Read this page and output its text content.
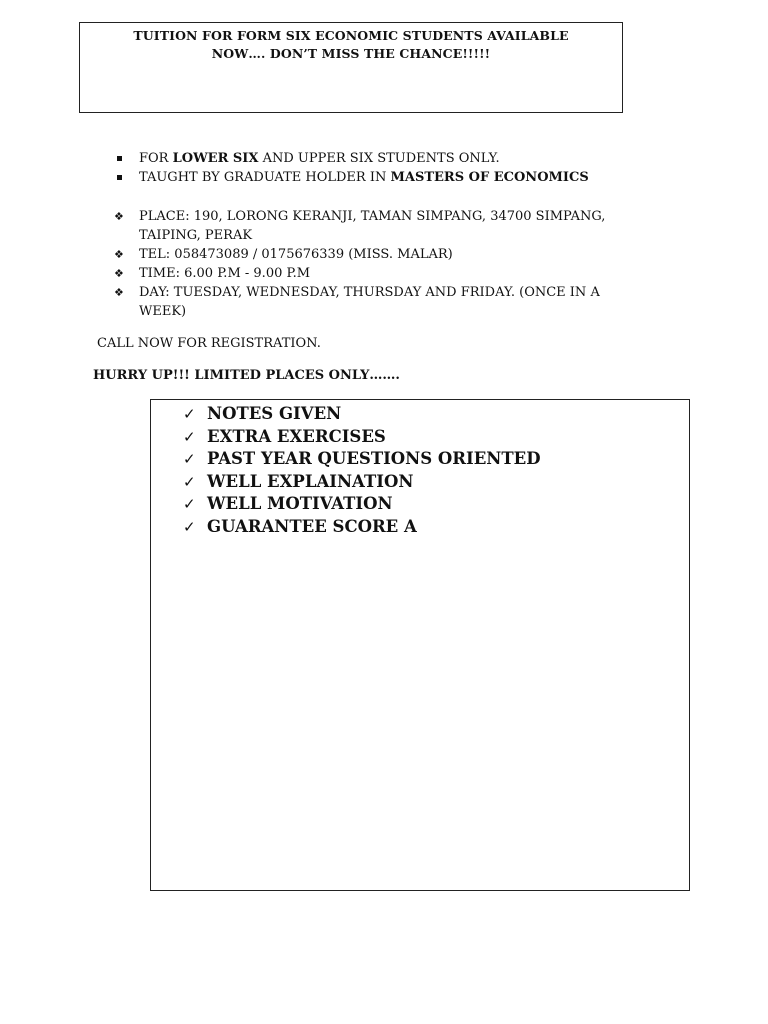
TUITION FOR FORM SIX ECONOMIC STUDENTS AVAILABLE
NOW…. DON’T MISS THE CHANCE!!!!!
FOR LOWER SIX AND UPPER SIX STUDENTS ONLY.
TAUGHT BY GRADUATE HOLDER IN MASTERS OF ECONOMICS
❖ PLACE: 190, LORONG KERANJI, TAMAN SIMPANG, 34700 SIMPANG,
TAIPING, PERAK
❖ TEL: 058473089 / 0175676339 (MISS. MALAR)
❖ TIME: 6.00 P.M - 9.00 P.M
❖ DAY: TUESDAY, WEDNESDAY, THURSDAY AND FRIDAY. (ONCE IN A
WEEK)
CALL NOW FOR REGISTRATION.
HURRY UP!!! LIMITED PLACES ONLY…….
✓ NOTES GIVEN
✓ EXTRA EXERCISES
✓ PAST YEAR QUESTIONS ORIENTED
✓ WELL EXPLAINATION
✓ WELL MOTIVATION
✓ GUARANTEE SCORE A
